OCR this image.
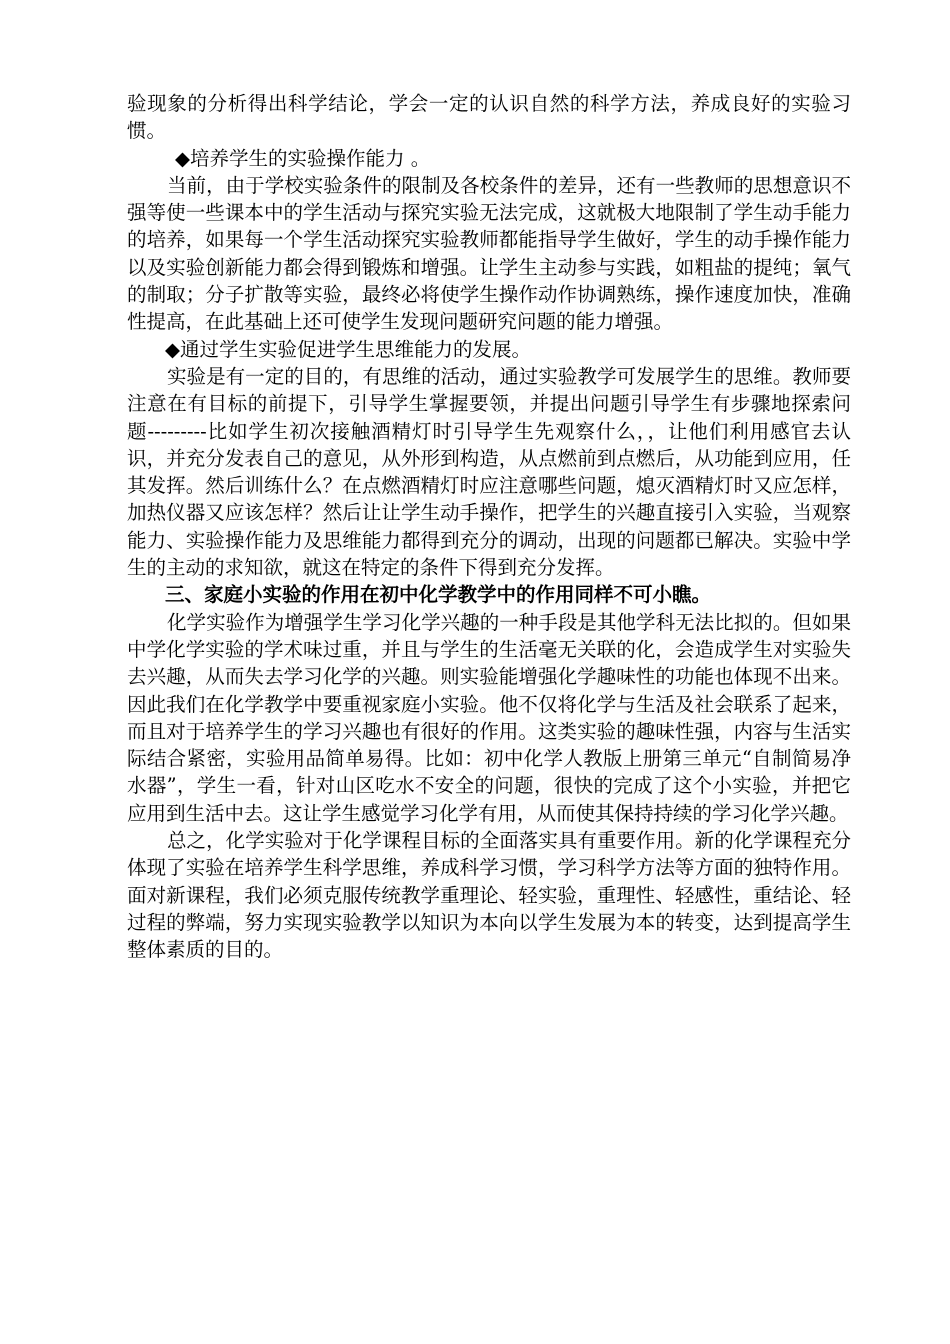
验现象的分析得出科学结论，学会一定的认识自然的科学方法，养成良好的实验习惯。

◆培养学生的实验操作能力 。

当前，由于学校实验条件的限制及各校条件的差异，还有一些教师的思想意识不强等使一些课本中的学生活动与探究实验无法完成，这就极大地限制了学生动手能力的培养，如果每一个学生活动探究实验教师都能指导学生做好，学生的动手操作能力以及实验创新能力都会得到锻炼和增强。让学生主动参与实践，如粗盐的提纯；氧气的制取；分子扩散等实验，最终必将使学生操作动作协调熟练，操作速度加快，准确性提高，在此基础上还可使学生发现问题研究问题的能力增强。

◆通过学生实验促进学生思维能力的发展。

实验是有一定的目的，有思维的活动，通过实验教学可发展学生的思维。教师要注意在有目标的前提下，引导学生掌握要领，并提出问题引导学生有步骤地探索问题---------比如学生初次接触酒精灯时引导学生先观察什么，，让他们利用感官去认识，并充分发表自己的意见，从外形到构造，从点燃前到点燃后，从功能到应用，任其发挥。然后训练什么？在点燃酒精灯时应注意哪些问题，熄灭酒精灯时又应怎样，加热仪器又应该怎样？然后让让学生动手操作，把学生的兴趣直接引入实验，当观察能力、实验操作能力及思维能力都得到充分的调动，出现的问题都已解决。实验中学生的主动的求知欲，就这在特定的条件下得到充分发挥。

三、家庭小实验的作用在初中化学教学中的作用同样不可小瞧。

化学实验作为增强学生学习化学兴趣的一种手段是其他学科无法比拟的。但如果中学化学实验的学术味过重，并且与学生的生活毫无关联的化，会造成学生对实验失去兴趣，从而失去学习化学的兴趣。则实验能增强化学趣味性的功能也体现不出来。因此我们在化学教学中要重视家庭小实验。他不仅将化学与生活及社会联系了起来，而且对于培养学生的学习兴趣也有很好的作用。这类实验的趣味性强，内容与生活实际结合紧密，实验用品简单易得。比如：初中化学人教版上册第三单元“自制简易净水器”，学生一看，针对山区吃水不安全的问题，很快的完成了这个小实验，并把它应用到生活中去。这让学生感觉学习化学有用，从而使其保持持续的学习化学兴趣。

总之，化学实验对于化学课程目标的全面落实具有重要作用。新的化学课程充分体现了实验在培养学生科学思维，养成科学习惯，学习科学方法等方面的独特作用。面对新课程，我们必须克服传统教学重理论、轻实验，重理性、轻感性，重结论、轻过程的弊端，努力实现实验教学以知识为本向以学生发展为本的转变，达到提高学生整体素质的目的。
